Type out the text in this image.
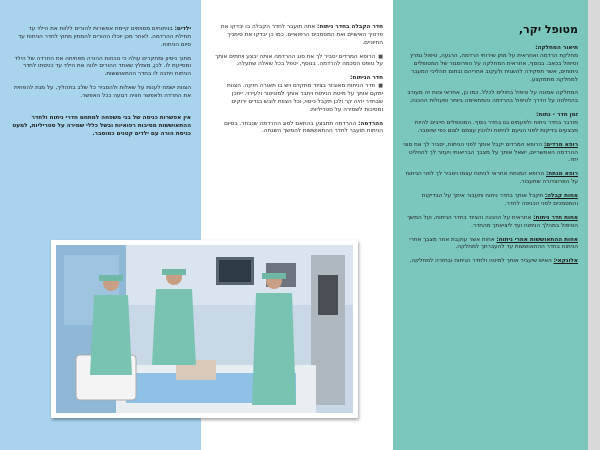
ילדים: בניתוחים מסוימים קיימת אפשרות להורים ללוות את הילד עד תחילת ההרדמה. לאחר מכן יוכלו ההורים להמתין מחוץ לחדר הניתוח עד סיום הניתוח.

מתוך ניסיון ומחקרים עולה כי נוכחות ההורה מפחיתה את החרדה של הילד ומסייעת לו. לכן, מומלץ שאחד ההורים ילווה את הילד עד כניסתו לחדר הניתוח ויחכה לו בחדר ההתאוששות.

הצוות ישמח לענות על שאלות ולהסביר כל שלב בתהליך, על מנת להפחית את החרדה ולאפשר חוויה רגועה ככל האפשר.

אין אפשרות כניסה של בני משפחה למתחם חדרי ניתוח ולחדר ההתאוששות מסיבות רפואיות ובשל כללי שמירה על סטריליות, למעט כניסת הורה עם ילדים קטנים כמוסבר.

חדר הקבלה בחדר ניתוח: אתה תועבר לחדר הקבלה בו יבדקו את פרטיך האישיים ואת המסמכים הרפואיים. כמו כן יבדקו את סימניך החיוניים.

■ הרופא המרדים יסביר לך את סוג ההרדמה אותה יבצע ויחתים אותך על טופס הסכמה להרדמה. בנוסף, יטפל בכל שאלה שתעלה.

חדר הניתוח:
■ חדר הניתוח מאובזר בציוד מתקדם ויש בו תאורה חזקה. הצוות ימקם אותך על מיטת הניתוח ויחבר אותך למוניטור ולעירוי. ייתכן שבחדר יהיה קר ולכן תקבל כיסוי, וכל הצוות לובש בגדים ירוקים ומסיכות לשמירה על סטריליות.

ההרדמה: ההרדמה תתבצע בהתאם לסוג ההרדמה שנבחר. בסיום הניתוח תועבר לחדר ההתאוששות להמשך השגחה.

מטופל יקר,

תיאור המחלקה:
מחלקת הרדמה ואחראית על מתן שירותי הרדמה, הרגעה, טיפול נמרץ וטיפול בכאב. בנוסף, אחראית המחלקה על הפרוסגור של המטופלים ניתוחים, אשר תפקידה להשגיח ולעקוב אחריהם ובתום תהליכי המעבר למחלקה מתמקצע.

המחלקה אמונה על טיפול בחולים לכלל. כמו כן, אחראי צוות זה מעורב בהחלטה על הדרך לטיפול בהרדמה והמתאימה ביותר ופעולות ההכנה.

זמן חדר - נתוח:
מודבר בחדר ניתוח ולפעמים גם בחדר נוסף. המטופלים חייבים להיות מבצעים בדיקות לפני הגיעם לניתוח ולהכין עצמם לצום כפי שיוסבר.

רופא מרדים: הרופא המרדים יקבל אותך לפני הניתוח, יסביר לך את סוגי ההרדמה האפשריים, ישאל אותך על מצבך הבריאותי ויעזור לך להחליט יחד.

רופא מנתח: הרופא המנתח אחראי לניתוח עצמו ויסביר לך לפני הניתוח על הפרוצדורה שתעבור.

אחות קבלה: תקבל אותך בחדר ניתוח ותעבור איתך על הבדיקות והמסמכים לפני הכניסה לחדר.

אחות חדר ניתוח: אחראית על ההכנה והציוד בחדר הניתוח, ועל המשך הטיפול במהלך הניתוח ועד ליציאתך מהחדר.

אחות ההתאוששות אחרי ניתוח: אחות אשר עוקבת אחר מצבך אחרי הניתוח בחדר ההתאוששות עד להעברתך למחלקה.

אלונקאי: האיש שיעביר אותך למיטה ולחדר הניתוח ובחזרה למחלקה.
